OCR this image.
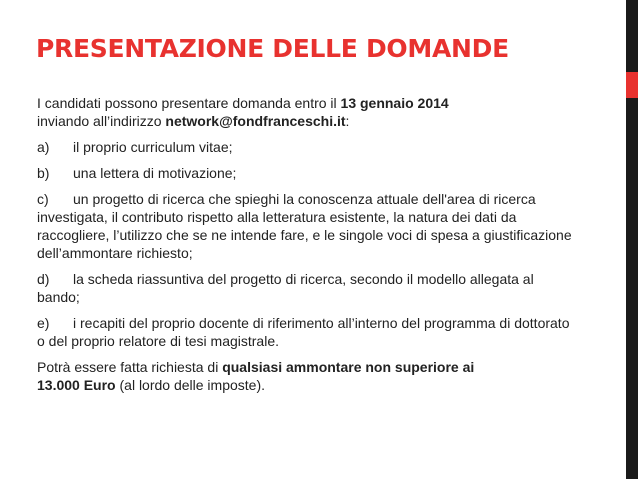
PRESENTAZIONE DELLE DOMANDE

I candidati possono presentare domanda entro il 13 gennaio 2014
inviando all’indirizzo network@fondfranceschi.it:

a) il proprio curriculum vitae;

b) una lettera di motivazione;

c) un progetto di ricerca che spieghi la conoscenza attuale dell'area di ricerca investigata, il contributo rispetto alla letteratura esistente, la natura dei dati da raccogliere, l’utilizzo che se ne intende fare, e le singole voci di spesa a giustificazione dell’ammontare richiesto;

d) la scheda riassuntiva del progetto di ricerca, secondo il modello allegata al bando;

e) i recapiti del proprio docente di riferimento all’interno del programma di dottorato o del proprio relatore di tesi magistrale.

Potrà essere fatta richiesta di qualsiasi ammontare non superiore ai
13.000 Euro (al lordo delle imposte).
